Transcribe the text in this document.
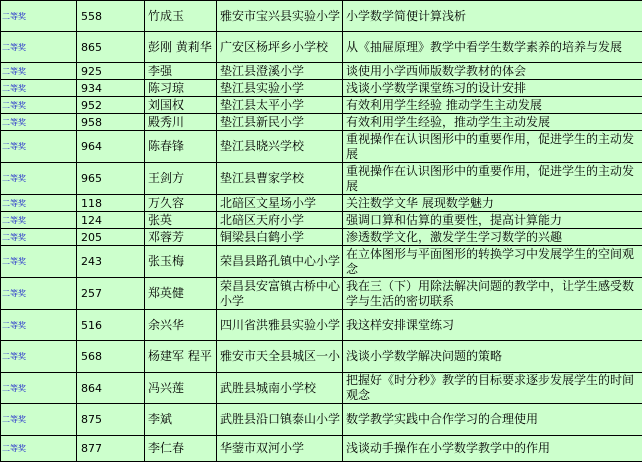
二等奖	558	竹成玉	雅安市宝兴县实验小学	小学数学简便计算浅析
二等奖	865	彭刚 黄莉华	广安区杨坪乡小学校	从《抽屉原理》教学中看学生数学素养的培养与发展
二等奖	925	李强	垫江县澄溪小学	谈使用小学西师版数学教材的体会
二等奖	934	陈习琼	垫江县实验小学	浅谈小学数学课堂练习的设计安排
二等奖	952	刘国权	垫江县太平小学	有效利用学生经验 推动学生主动发展
二等奖	958	殿秀川	垫江县新民小学	有效利用学生经验，推动学生主动发展
二等奖	964	陈春锋	垫江县晓兴学校	重视操作在认识图形中的重要作用，促进学生的主动发展
二等奖	965	王剑方	垫江县曹家学校	重视操作在认识图形中的重要作用，促进学生的主动发展
二等奖	118	万久容	北碚区文星场小学	关注数学文华 展现数学魅力
二等奖	124	张英	北碚区天府小学	强调口算和估算的重要性，提高计算能力
二等奖	205	邓蓉芳	铜梁县白鹤小学	渗透数学文化，激发学生学习数学的兴趣
二等奖	243	张玉梅	荣昌县路孔镇中心小学	在立体图形与平面图形的转换学习中发展学生的空间观念
二等奖	257	郑英健	荣昌县安富镇古桥中心小学	我在三（下）用除法解决问题的教学中，让学生感受数学与生活的密切联系
二等奖	516	余兴华	四川省洪雅县实验小学	我这样安排课堂练习
二等奖	568	杨建军 程平	雅安市天全县城区一小	浅谈小学数学解决问题的策略
二等奖	864	冯兴莲	武胜县城南小学校	把握好《时分秒》教学的目标要求逐步发展学生的时间观念
二等奖	875	李斌	武胜县沿口镇泰山小学	数学教学实践中合作学习的合理使用
二等奖	877	李仁春	华蓥市双河小学	浅谈动手操作在小学数学教学中的作用
